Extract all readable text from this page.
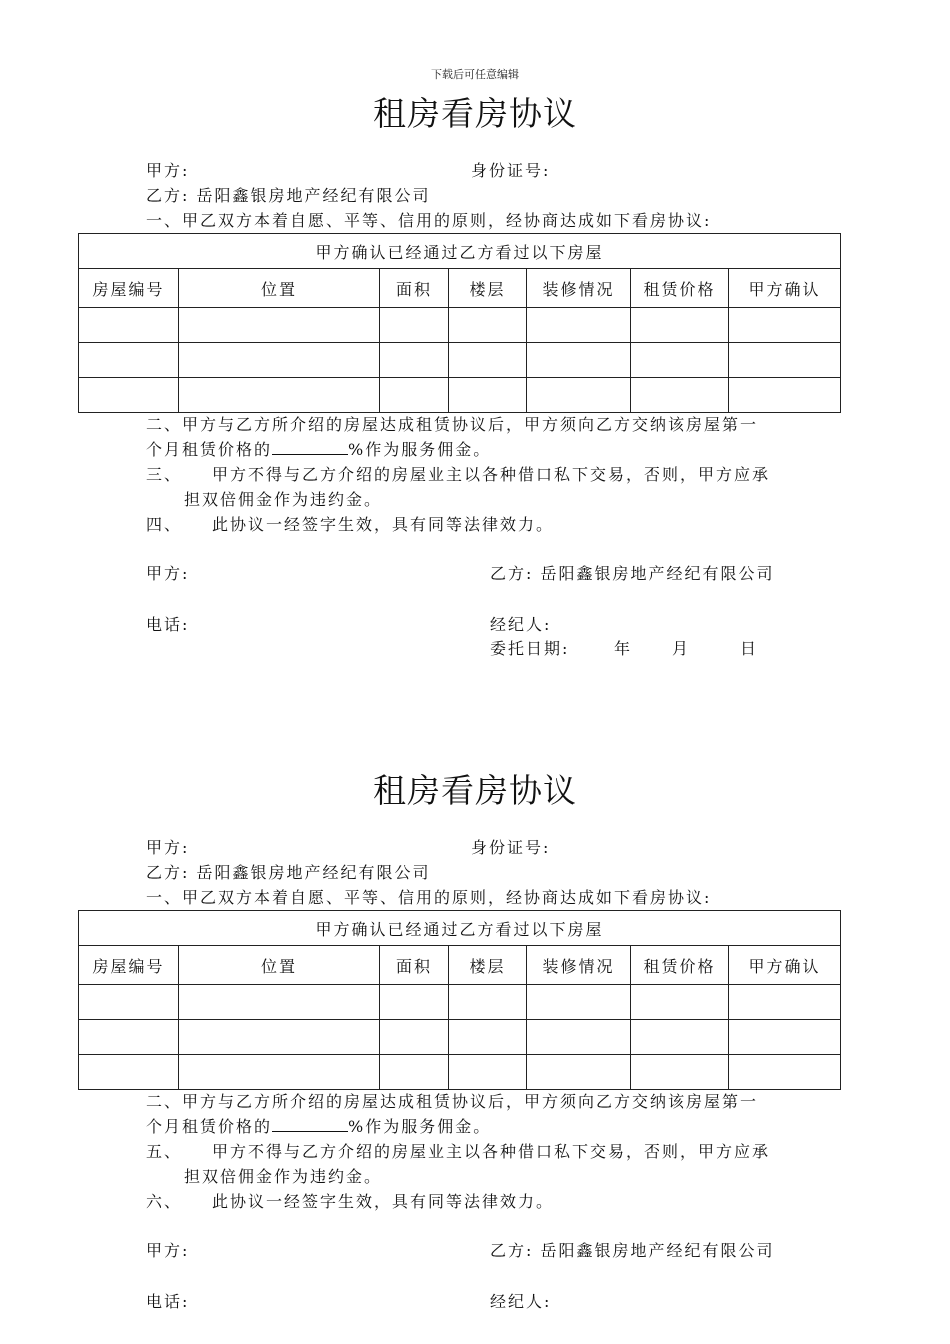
下载后可任意编辑
租房看房协议
甲方:	身份证号:
乙方: 岳阳鑫银房地产经纪有限公司
一、甲乙双方本着自愿、平等、信用的原则，经协商达成如下看房协议:
甲方确认已经通过乙方看过以下房屋						
房屋编号	位置	面积	楼层	装修情况	租赁价格	甲方确认

二、甲方与乙方所介绍的房屋达成租赁协议后，甲方须向乙方交纳该房屋第一
个月租赁价格的	%作为服务佣金。
三、 甲方不得与乙方介绍的房屋业主以各种借口私下交易，否则，甲方应承
担双倍佣金作为违约金。
四、 此协议一经签字生效，具有同等法律效力。
甲方:	乙方: 岳阳鑫银房地产经纪有限公司
电话:	经纪人:
委托日期:	年 月	日
租房看房协议
甲方:	身份证号:
乙方: 岳阳鑫银房地产经纪有限公司
一、甲乙双方本着自愿、平等、信用的原则，经协商达成如下看房协议:
甲方确认已经通过乙方看过以下房屋						
房屋编号	位置	面积	楼层	装修情况	租赁价格	甲方确认

二、甲方与乙方所介绍的房屋达成租赁协议后，甲方须向乙方交纳该房屋第一
个月租赁价格的	%作为服务佣金。
五、 甲方不得与乙方介绍的房屋业主以各种借口私下交易，否则，甲方应承
担双倍佣金作为违约金。
六、 此协议一经签字生效，具有同等法律效力。
甲方:	乙方: 岳阳鑫银房地产经纪有限公司
电话:	经纪人:
